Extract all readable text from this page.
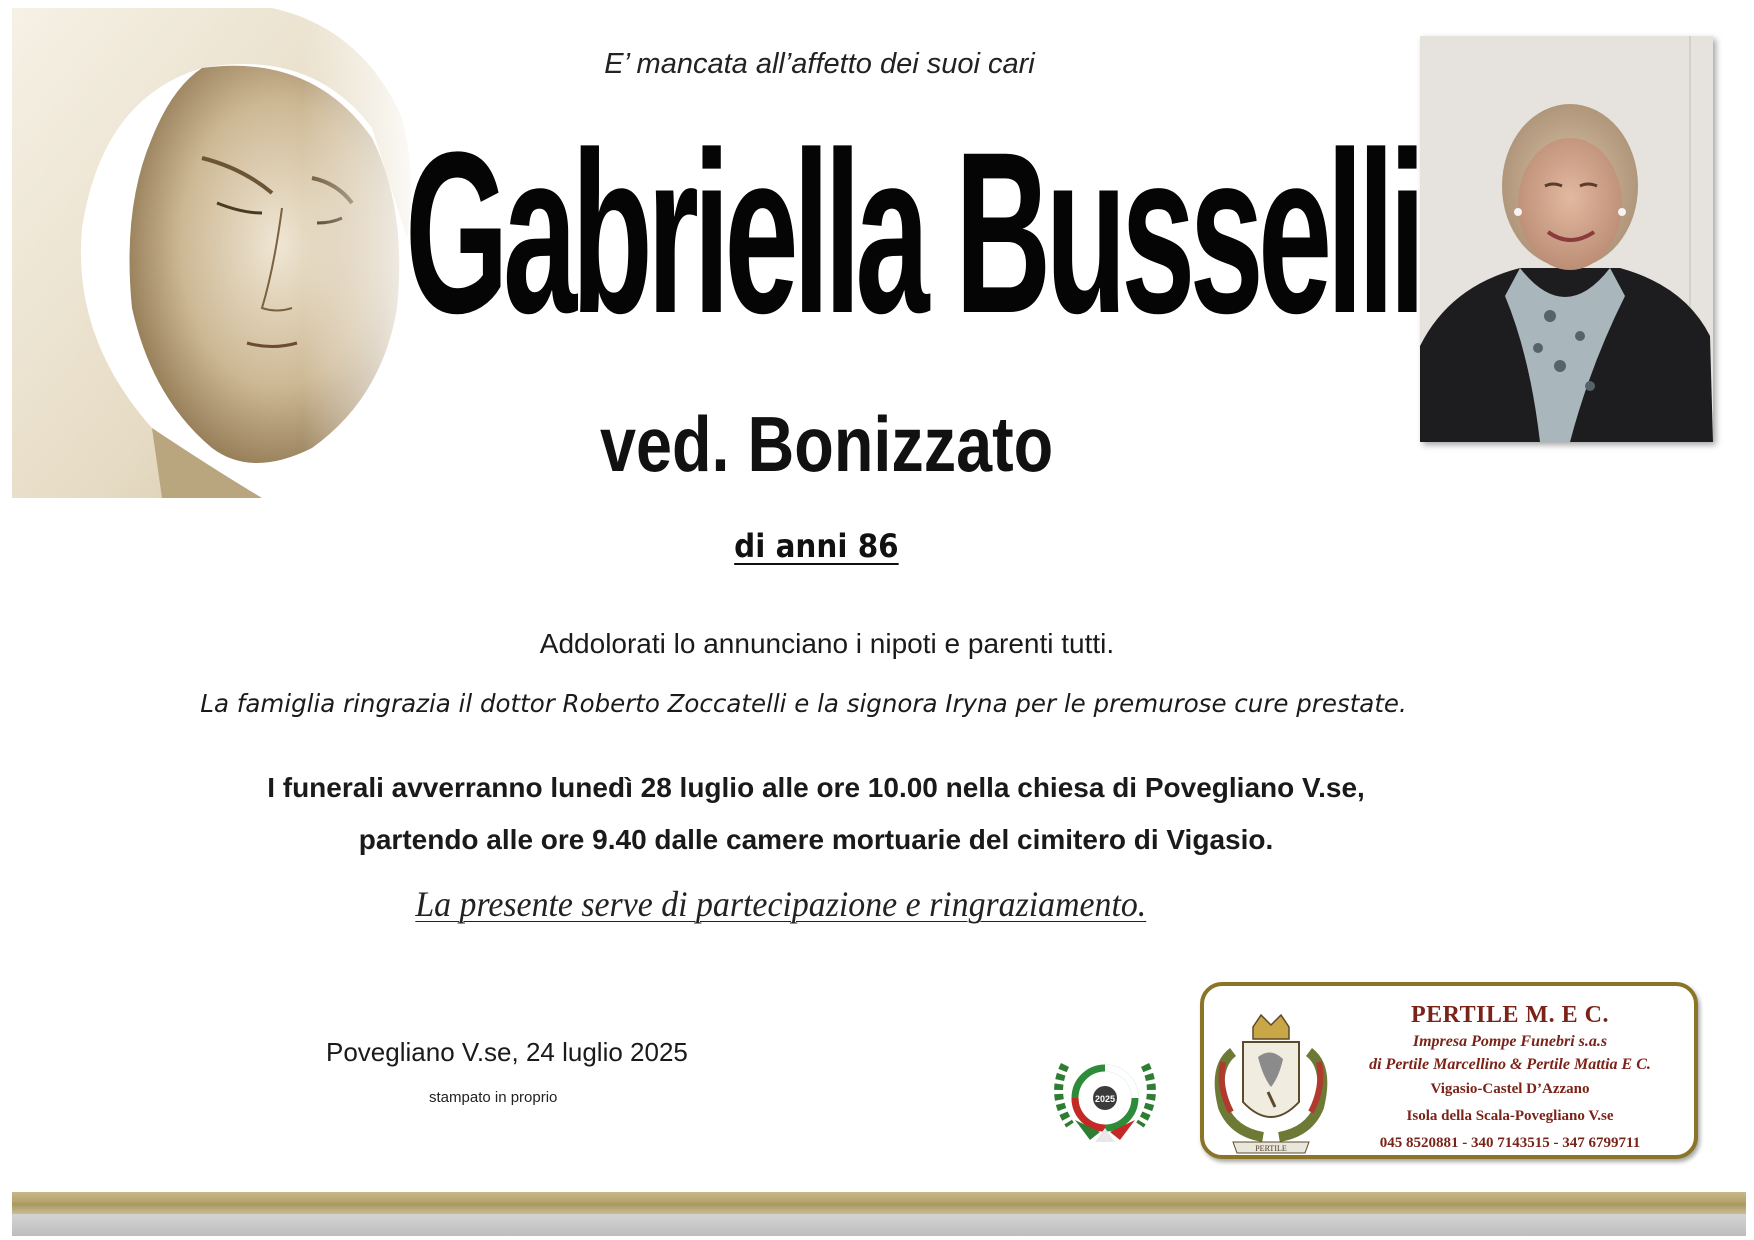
E’ mancata all’affetto dei suoi cari
Gabriella Busselli
ved. Bonizzato
di anni 86
Addolorati lo annunciano i nipoti e parenti tutti.
La famiglia ringrazia il dottor Roberto Zoccatelli e la signora Iryna per le premurose cure prestate.
I funerali avverranno lunedì 28 luglio alle ore 10.00 nella chiesa di Povegliano V.se,
partendo alle ore 9.40 dalle camere mortuarie del cimitero di Vigasio.
La presente serve di partecipazione e ringraziamento.
Povegliano V.se, 24 luglio 2025
stampato in proprio	2025
PERTILE
PERTILE M. E C.
Impresa Pompe Funebri s.a.s
di Pertile Marcellino & Pertile Mattia E C.
Vigasio-Castel D’Azzano
Isola della Scala-Povegliano V.se
045 8520881 - 340 7143515 - 347 6799711
